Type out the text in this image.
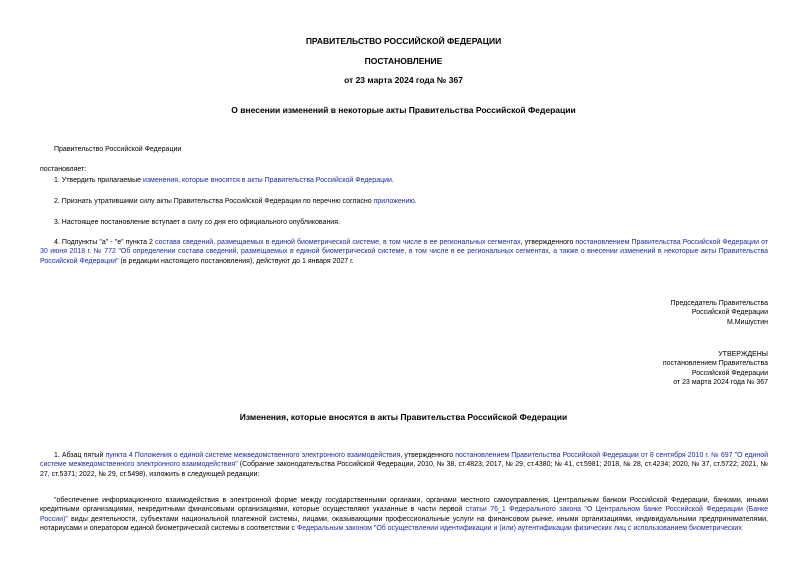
ПРАВИТЕЛЬСТВО РОССИЙСКОЙ ФЕДЕРАЦИИ
ПОСТАНОВЛЕНИЕ
от 23 марта 2024 года № 367
О внесении изменений в некоторые акты Правительства Российской Федерации
Правительство Российской Федерации
постановляет:
1. Утвердить прилагаемые изменения, которые вносятся в акты Правительства Российской Федерации.
2. Признать утратившими силу акты Правительства Российской Федерации по перечню согласно приложению.
3. Настоящее постановление вступает в силу со дня его официального опубликования.
4. Подпункты "а" - "е" пункта 2 состава сведений, размещаемых в единой биометрической системе, в том числе в ее региональных сегментах, утвержденного постановлением Правительства Российской Федерации от 30 июня 2018 г. № 772 "Об определении состава сведений, размещаемых в единой биометрической системе, в том числе в ее региональных сегментах, а также о внесении изменений в некоторые акты Правительства Российской Федерации" (в редакции настоящего постановления), действуют до 1 января 2027 г.
Председатель Правительства
Российской Федерации
М.Мишустин
УТВЕРЖДЕНЫ
постановлением Правительства
Российской Федерации
от 23 марта 2024 года № 367
Изменения, которые вносятся в акты Правительства Российской Федерации
1. Абзац пятый пункта 4 Положения о единой системе межведомственного электронного взаимодействия, утвержденного постановлением Правительства Российской Федерации от 8 сентября 2010 г. № 697 "О единой системе межведомственного электронного взаимодействия" (Собрание законодательства Российской Федерации, 2010, № 38, ст.4823; 2017, № 29, ст.4380; № 41, ст.5981; 2018, № 28, ст.4234; 2020, № 37, ст.5722; 2021, № 27, ст.5371; 2022, № 29, ст.5498), изложить в следующей редакции:
"обеспечение информационного взаимодействия в электронной форме между государственными органами, органами местного самоуправления, Центральным банком Российской Федерации, банками, иными кредитными организациями, некредитными финансовыми организациями, которые осуществляют указанные в части первой статьи 76_1 Федерального закона "О Центральном банке Российской Федерации (Банке России)" виды деятельности, субъектами национальной платежной системы, лицами, оказывающими профессиональные услуги на финансовом рынке, иными организациями, индивидуальными предпринимателями, нотариусами и оператором единой биометрической системы в соответствии с Федеральным законом "Об осуществлении идентификации и (или) аутентификации физических лиц с использованием биометрических
